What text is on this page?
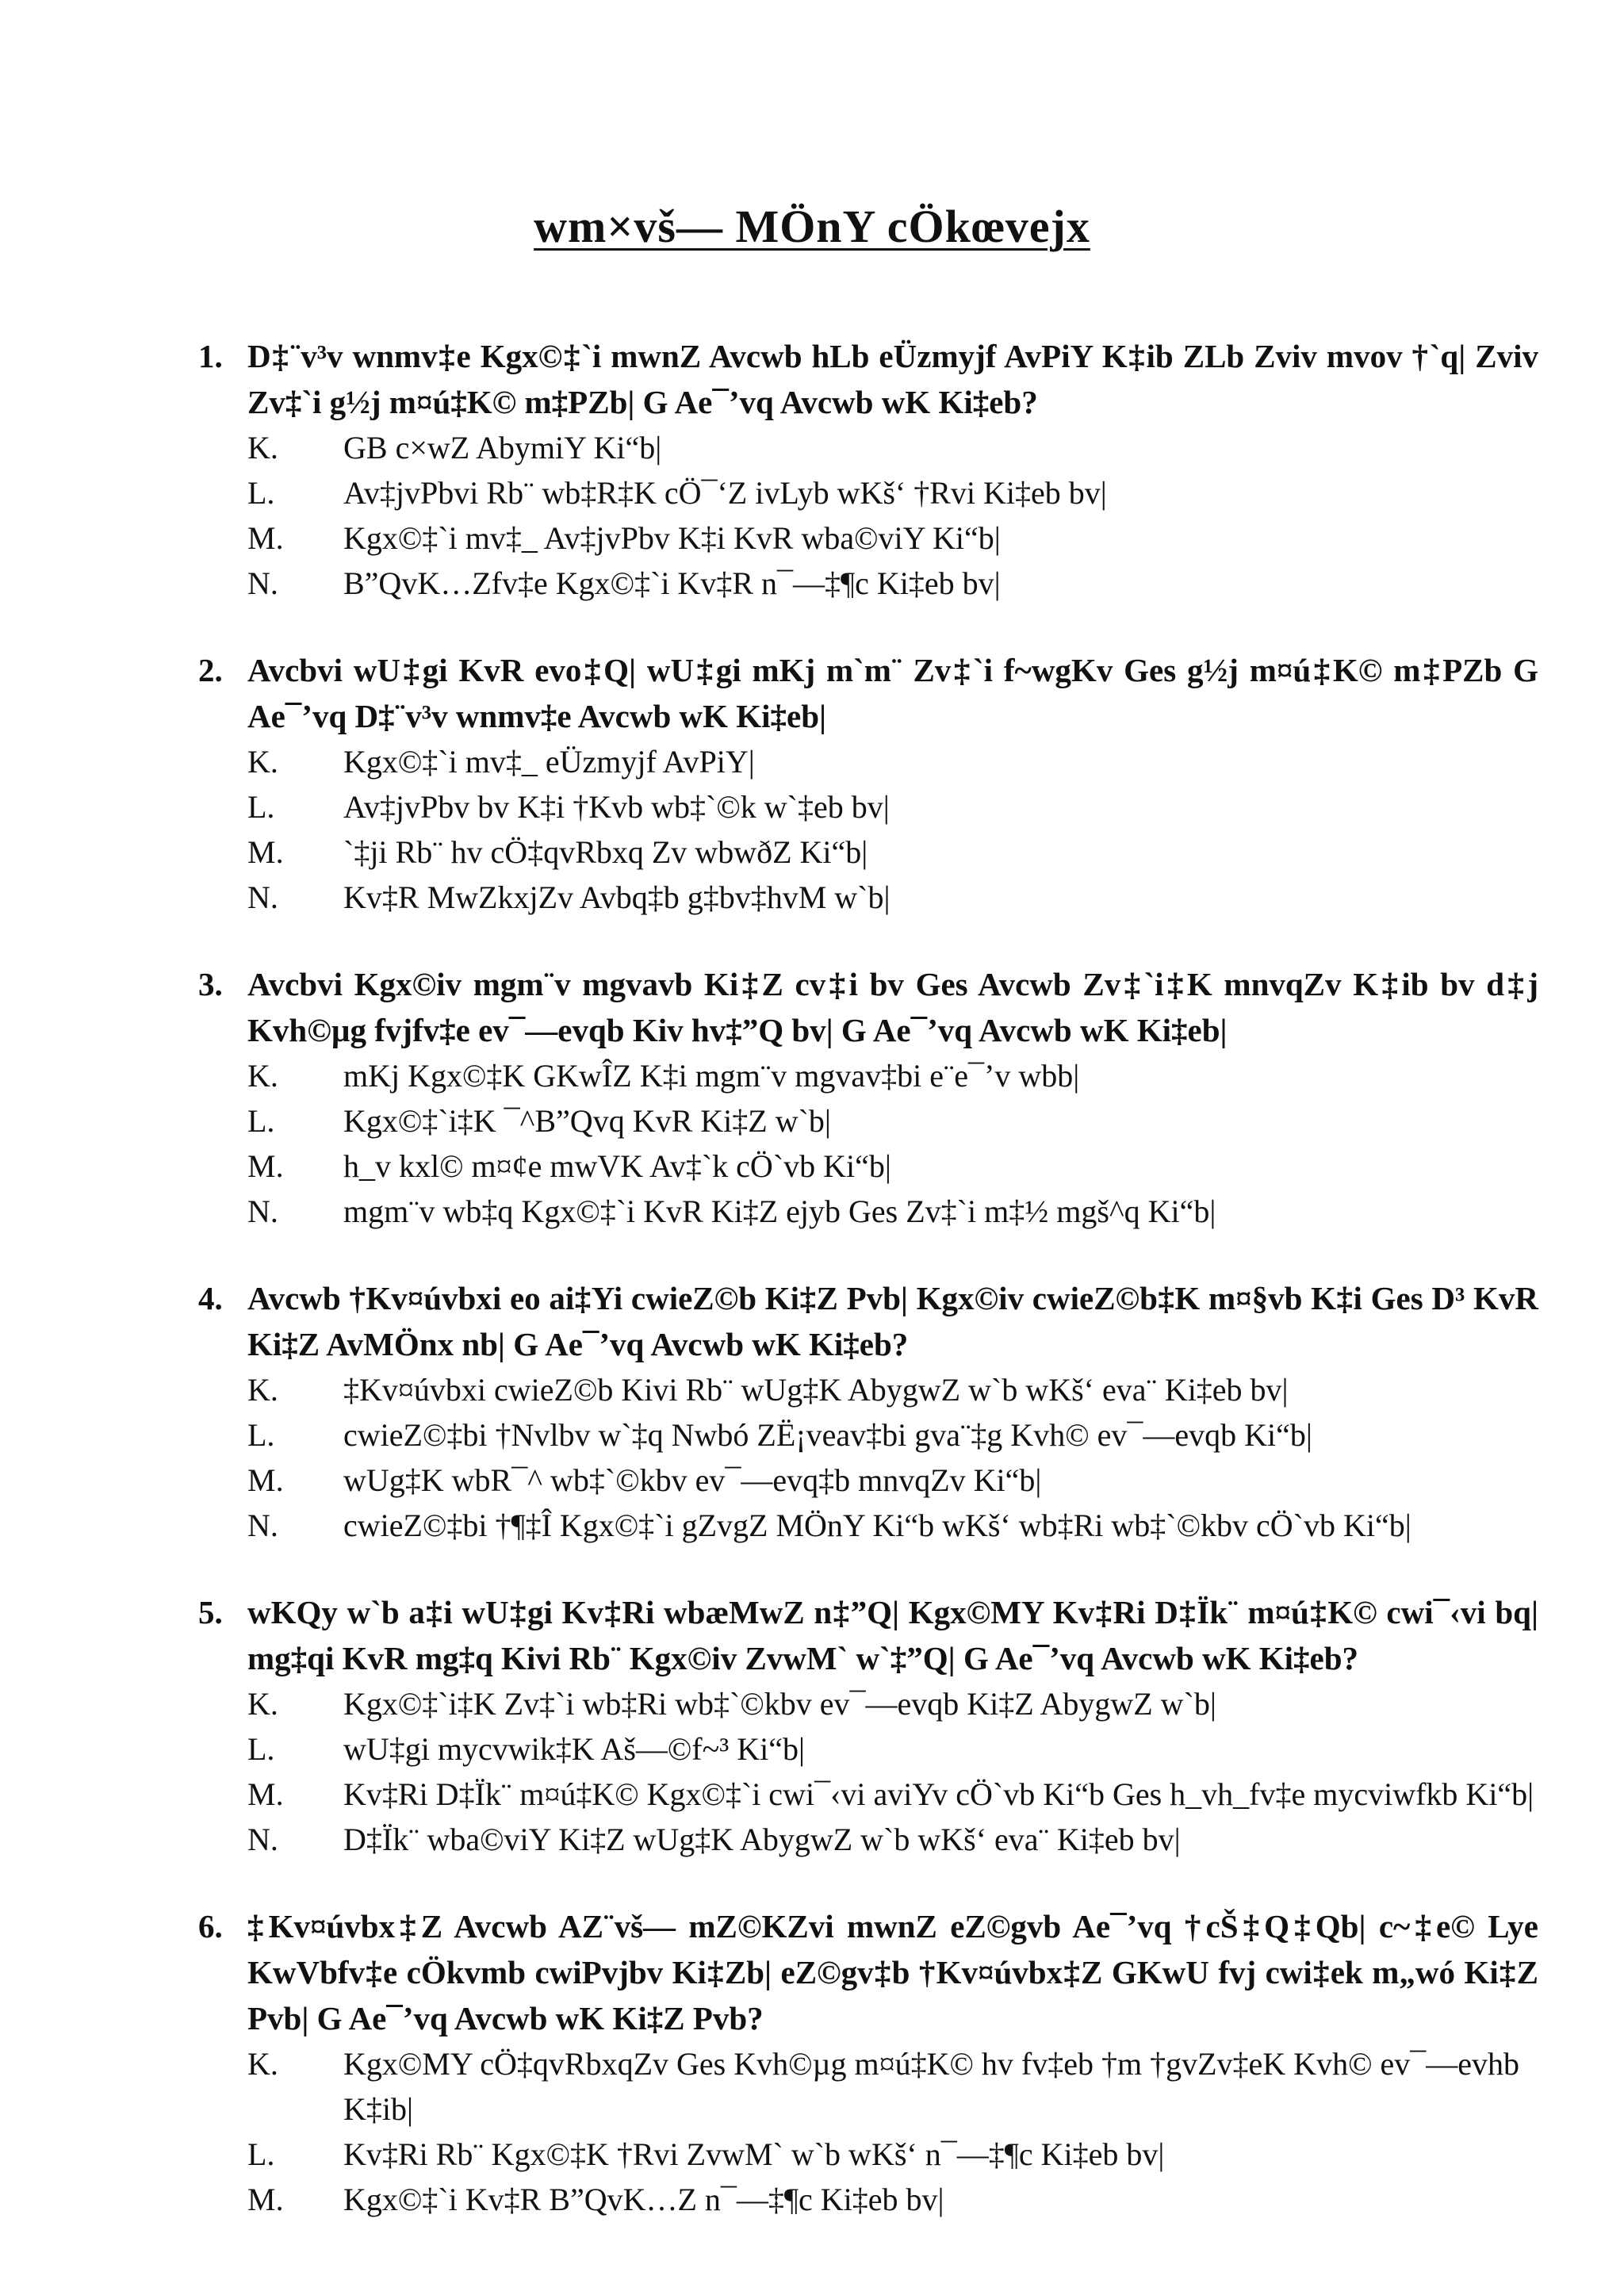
wm×vš— MÖnY cÖkœvejx
1. D‡¨v³v wnmv‡e Kgx©‡`i mwnZ Avcwb hLb eÜzmyjf AvPiY K‡ib ZLb Zviv mvov †`q| Zviv Zv‡`i g½j m¤ú‡K© m‡PZb| G Ae¯’vq Avcwb wK Ki‡eb?
K.	GB c×wZ AbymiY Ki“b|
L.	Av‡jvPbvi Rb¨ wb‡R‡K cÖ¯‘Z ivLyb wKš‘ †Rvi Ki‡eb bv|
M.	Kgx©‡`i mv‡_ Av‡jvPbv K‡i KvR wba©viY Ki“b|
N.	B”QvK…Zfv‡e Kgx©‡`i Kv‡R n¯—‡¶c Ki‡eb bv|
2. Avcbvi wU‡gi KvR evo‡Q| wU‡gi mKj m`m¨ Zv‡`i f~wgKv Ges g½j m¤ú‡K© m‡PZb G Ae¯’vq D‡¨v³v wnmv‡e Avcwb wK Ki‡eb|
K.	Kgx©‡`i mv‡_ eÜzmyjf AvPiY|
L.	Av‡jvPbv bv K‡i †Kvb wb‡`©k w`‡eb bv|
M.	`‡ji Rb¨ hv cÖ‡qvRbxq Zv wbwðZ Ki“b|
N.	Kv‡R MwZkxjZv Avbq‡b g‡bv‡hvM w`b|
3. Avcbvi Kgx©iv mgm¨v mgvavb Ki‡Z cv‡i bv Ges Avcwb Zv‡`i‡K mnvqZv K‡ib bv d‡j Kvh©µg fvjfv‡e ev¯—evqb Kiv hv‡”Q bv| G Ae¯’vq Avcwb wK Ki‡eb|
K.	mKj Kgx©‡K GKwÎZ K‡i mgm¨v mgvav‡bi e¨e¯’v wbb|
L.	Kgx©‡`i‡K ¯^B”Qvq KvR Ki‡Z w`b|
M.	h_v kxl© m¤¢e mwVK Av‡`k cÖ`vb Ki“b|
N.	mgm¨v wb‡q Kgx©‡`i KvR Ki‡Z ejyb Ges Zv‡`i m‡½ mgš^q Ki“b|
4. Avcwb †Kv¤úvbxi eo ai‡Yi cwieZ©b Ki‡Z Pvb| Kgx©iv cwieZ©b‡K m¤§vb K‡i Ges D³ KvR Ki‡Z AvMÖnx nb| G Ae¯’vq Avcwb wK Ki‡eb?
K.	‡Kv¤úvbxi cwieZ©b Kivi Rb¨ wUg‡K AbygwZ w`b wKš‘ eva¨ Ki‡eb bv|
L.	cwieZ©‡bi †Nvlbv w`‡q Nwbó ZË¡veav‡bi gva¨‡g Kvh© ev¯—evqb Ki“b|
M.	wUg‡K wbR¯^ wb‡`©kbv ev¯—evq‡b mnvqZv Ki“b|
N.	cwieZ©‡bi †¶‡Î Kgx©‡`i gZvgZ MÖnY Ki“b wKš‘ wb‡Ri wb‡`©kbv cÖ`vb Ki“b|
5. wKQy w`b a‡i wU‡gi Kv‡Ri wbæMwZ n‡”Q| Kgx©MY Kv‡Ri D‡Ïk¨ m¤ú‡K© cwi¯‹vi bq| mg‡qi KvR mg‡q Kivi Rb¨ Kgx©iv ZvwM` w`‡”Q| G Ae¯’vq Avcwb wK Ki‡eb?
K.	Kgx©‡`i‡K Zv‡`i wb‡Ri wb‡`©kbv ev¯—evqb Ki‡Z AbygwZ w`b|
L.	wU‡gi mycvwik‡K Aš—©f~³ Ki“b|
M.	Kv‡Ri D‡Ïk¨ m¤ú‡K© Kgx©‡`i cwi¯‹vi aviYv cÖ`vb Ki“b Ges h_vh_fv‡e mycviwfkb Ki“b|
N.	D‡Ïk¨ wba©viY Ki‡Z wUg‡K AbygwZ w`b wKš‘ eva¨ Ki‡eb bv|
6. ‡Kv¤úvbx‡Z Avcwb AZ¨vš— mZ©KZvi mwnZ eZ©gvb Ae¯’vq †cŠ‡Q‡Qb| c~‡e© Lye KwVbfv‡e cÖkvmb cwiPvjbv Ki‡Zb| eZ©gv‡b †Kv¤úvbx‡Z GKwU fvj cwi‡ek m„wó Ki‡Z Pvb| G Ae¯’vq Avcwb wK Ki‡Z Pvb?
K.	Kgx©MY cÖ‡qvRbxqZv Ges Kvh©µg m¤ú‡K© hv fv‡eb †m †gvZv‡eK Kvh© ev¯—evhb K‡ib|
L.	Kv‡Ri Rb¨ Kgx©‡K †Rvi ZvwM` w`b wKš‘ n¯—‡¶c Ki‡eb bv|
M.	Kgx©‡`i Kv‡R B”QvK…Z n¯—‡¶c Ki‡eb bv|
